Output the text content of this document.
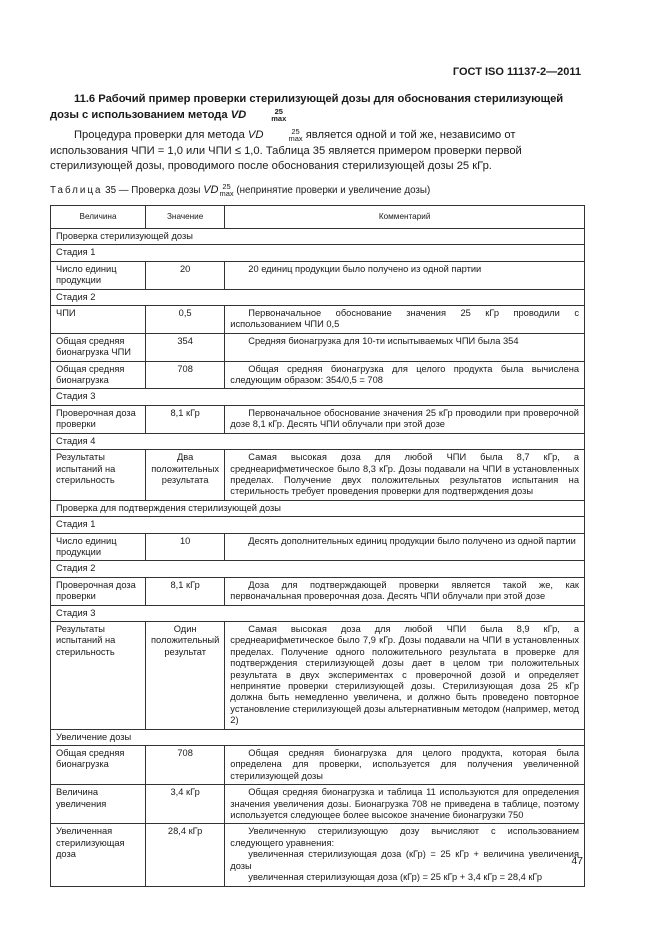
ГОСТ ISO 11137-2—2011
11.6 Рабочий пример проверки стерилизующей дозы для обоснования стерилизующей дозы с использованием метода VD	25
max
Процедура проверки для метода VD	25
max является одной и той же, независимо от использования ЧПИ = 1,0 или ЧПИ ≤ 1,0. Таблица 35 является примером проверки первой стерилизующей дозы, проводимого после обоснования стерилизующей дозы 25 кГр.
Таблица 35 — Проверка дозы VD 25
max (непринятие проверки и увеличение дозы)
Величина	Значение	Комментарий
Проверка стерилизующей дозы		
Стадия 1		
Число единиц продукции	20	20 единиц продукции было получено из одной партии

Стадия 2		
ЧПИ	0,5	Первоначальное обоснование значения 25 кГр проводили с использованием ЧПИ 0,5

Общая средняя бионагрузка ЧПИ	354	Средняя бионагрузка для 10-ти испытываемых ЧПИ была 354

Общая средняя бионагрузка	708	Общая средняя бионагрузка для целого продукта была вычислена следующим образом: 354/0,5 = 708

Стадия 3		
Проверочная доза проверки	8,1 кГр	Первоначальное обоснование значения 25 кГр проводили при проверочной дозе 8,1 кГр. Десять ЧПИ облучали при этой дозе

Стадия 4		
Результаты испытаний на стерильность	Два положительных результата	Самая высокая доза для любой ЧПИ была 8,7 кГр, а среднеарифметическое было 8,3 кГр. Дозы подавали на ЧПИ в установленных пределах. Получение двух положительных результатов испытания на стерильность требует проведения проверки для подтверждения дозы

Проверка для подтверждения стерилизующей дозы		
Стадия 1		
Число единиц продукции	10	Десять дополнительных единиц продукции было получено из одной партии

Стадия 2		
Проверочная доза проверки	8,1 кГр	Доза для подтверждающей проверки является такой же, как первоначальная проверочная доза. Десять ЧПИ облучали при этой дозе

Стадия 3		
Результаты испытаний на стерильность	Один положительный результат	Самая высокая доза для любой ЧПИ была 8,9 кГр, а среднеарифметическое было 7,9 кГр. Дозы подавали на ЧПИ в установленных пределах. Получение одного положительного результата в проверке для подтверждения стерилизующей дозы дает в целом три положительных результата в двух экспериментах с проверочной дозой и определяет непринятие проверки стерилизующей дозы. Стерилизующая доза 25 кГр должна быть немедленно увеличена, и должно быть проведено повторное установление стерилизующей дозы альтернативным методом (например, метод 2)

Увеличение дозы		
Общая средняя бионагрузка	708	Общая средняя бионагрузка для целого продукта, которая была определена для проверки, используется для получения увеличенной стерилизующей дозы

Величина увеличения	3,4 кГр	Общая средняя бионагрузка и таблица 11 используются для определения значения увеличения дозы. Бионагрузка 708 не приведена в таблице, поэтому используется следующее более высокое значение бионагрузки 750

Увеличенная стерилизующая доза	28,4 кГр	Увеличенную стерилизующую дозу вычисляют с использованием следующего уравнения:
увеличенная стерилизующая доза (кГр) = 25 кГр + величина увеличения дозы
увеличенная стерилизующая доза (кГр) = 25 кГр + 3,4 кГр = 28,4 кГр
47
